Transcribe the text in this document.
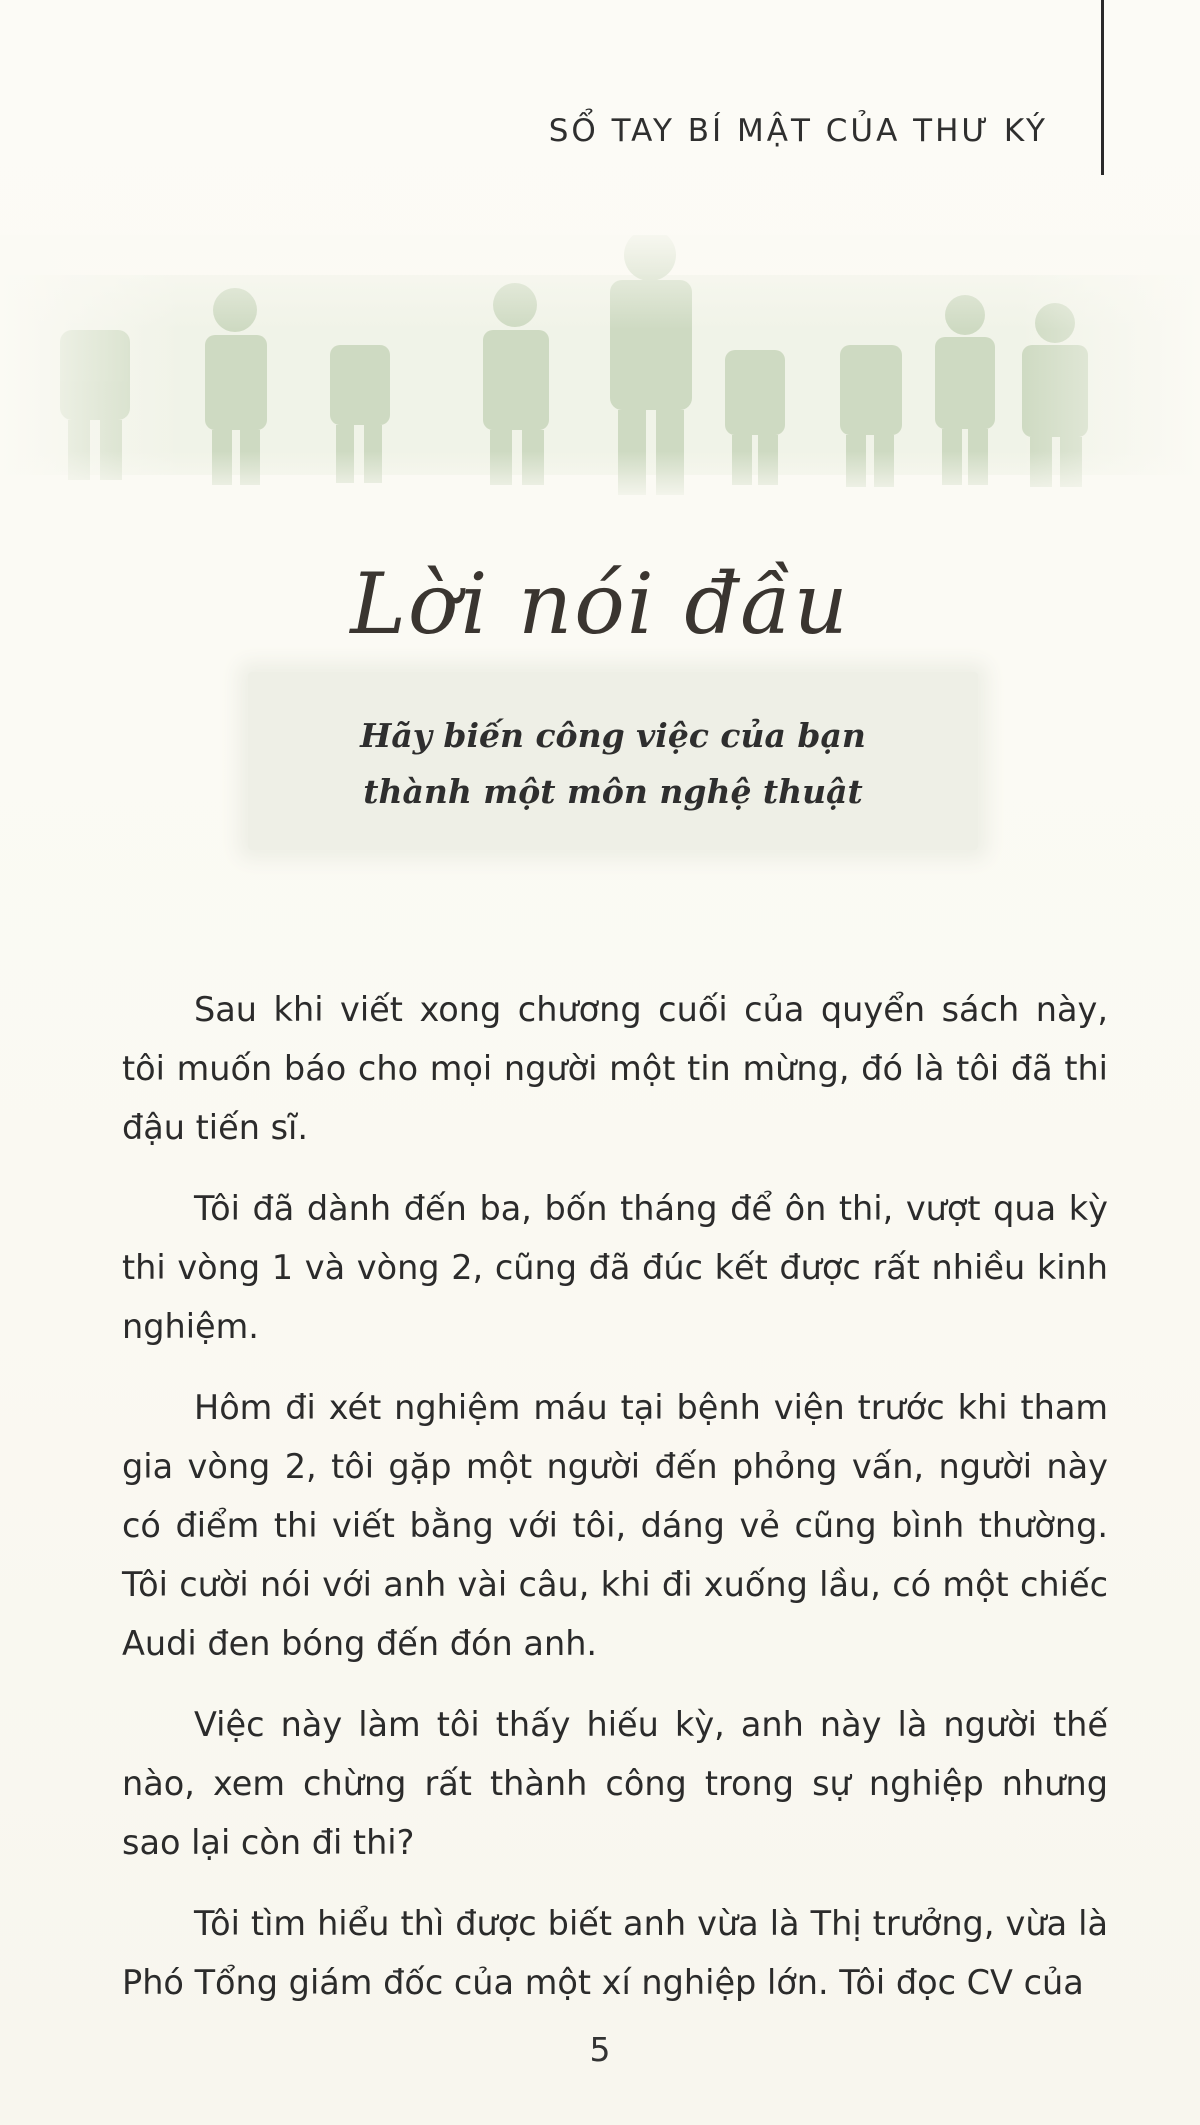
SỔ TAY BÍ MẬT CỦA THƯ KÝ
Lời nói đầu
Hãy biến công việc của bạn
thành một môn nghệ thuật

Sau khi viết xong chương cuối của quyển sách này, tôi muốn báo cho mọi người một tin mừng, đó là tôi đã thi đậu tiến sĩ.

Tôi đã dành đến ba, bốn tháng để ôn thi, vượt qua kỳ thi vòng 1 và vòng 2, cũng đã đúc kết được rất nhiều kinh nghiệm.

Hôm đi xét nghiệm máu tại bệnh viện trước khi tham gia vòng 2, tôi gặp một người đến phỏng vấn, người này có điểm thi viết bằng với tôi, dáng vẻ cũng bình thường. Tôi cười nói với anh vài câu, khi đi xuống lầu, có một chiếc Audi đen bóng đến đón anh.

Việc này làm tôi thấy hiếu kỳ, anh này là người thế nào, xem chừng rất thành công trong sự nghiệp nhưng sao lại còn đi thi?

Tôi tìm hiểu thì được biết anh vừa là Thị trưởng, vừa là Phó Tổng giám đốc của một xí nghiệp lớn. Tôi đọc CV của

5
